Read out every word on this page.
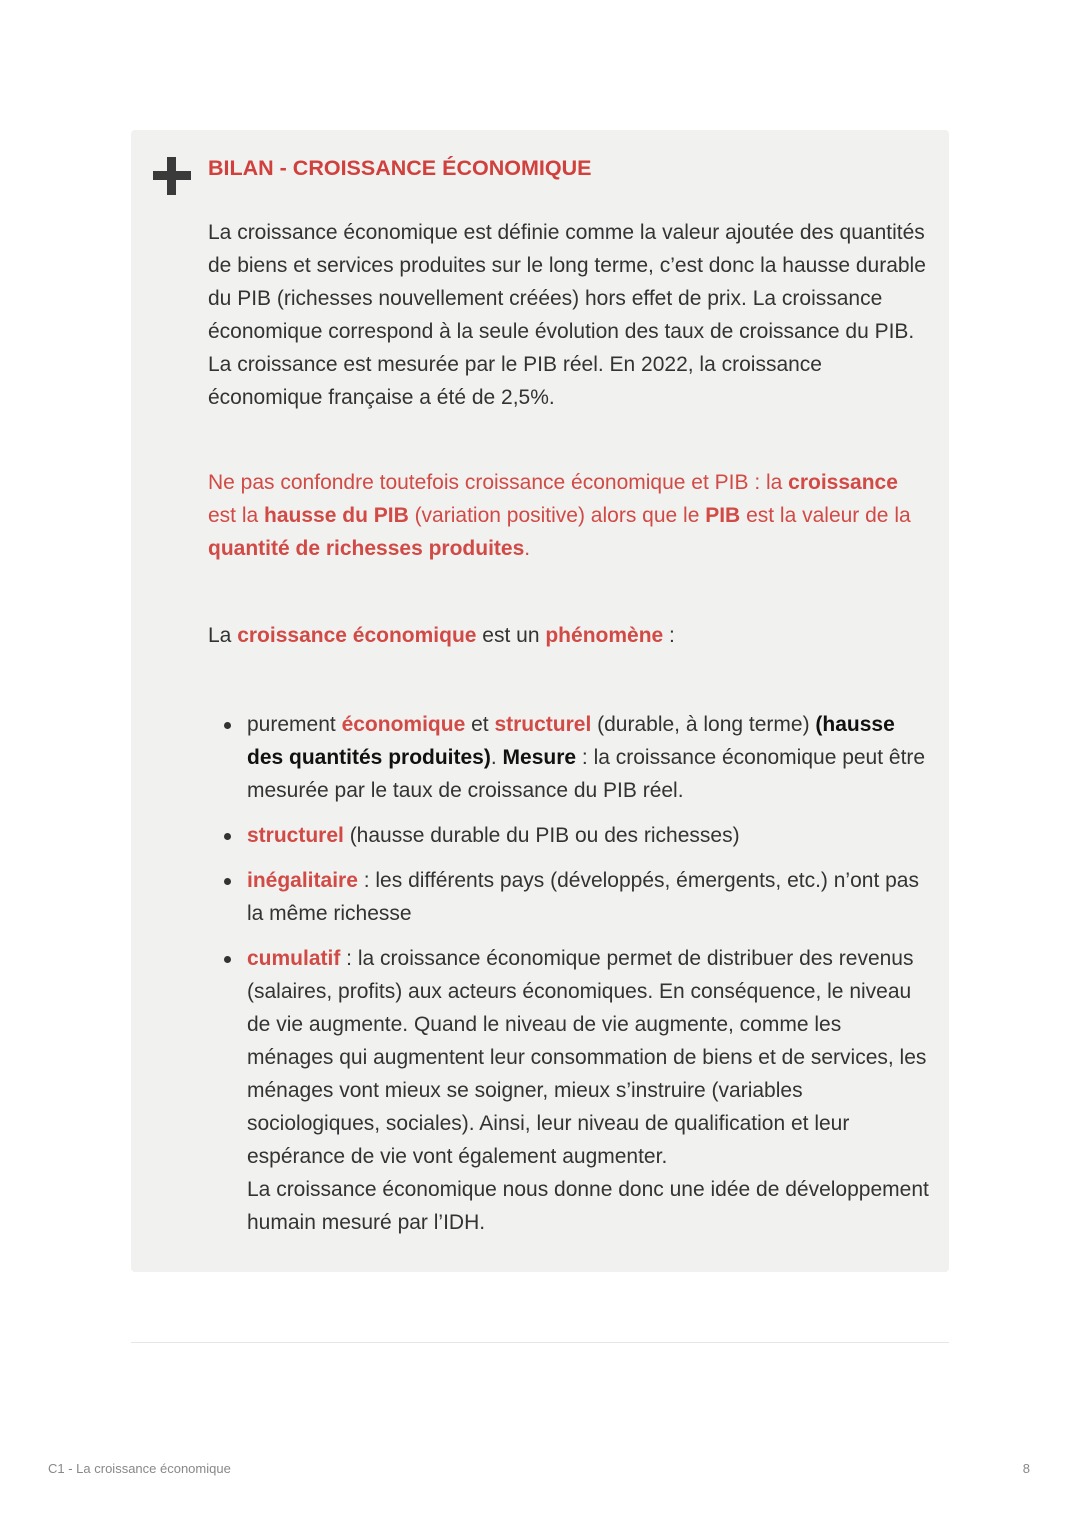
BILAN - CROISSANCE ÉCONOMIQUE

La croissance économique est définie comme la valeur ajoutée des quantités de biens et services produites sur le long terme, c’est donc la hausse durable du PIB (richesses nouvellement créées) hors effet de prix. La croissance économique correspond à la seule évolution des taux de croissance du PIB. La croissance est mesurée par le PIB réel. En 2022, la croissance économique française a été de 2,5%.

Ne pas confondre toutefois croissance économique et PIB : la croissance est la hausse du PIB (variation positive) alors que le PIB est la valeur de la quantité de richesses produites.

La croissance économique est un phénomène :

purement économique et structurel (durable, à long terme) (hausse des quantités produites). Mesure : la croissance économique peut être mesurée par le taux de croissance du PIB réel.
structurel (hausse durable du PIB ou des richesses)
inégalitaire : les différents pays (développés, émergents, etc.) n’ont pas la même richesse
cumulatif : la croissance économique permet de distribuer des revenus (salaires, profits) aux acteurs économiques. En conséquence, le niveau de vie augmente. Quand le niveau de vie augmente, comme les ménages qui augmentent leur consommation de biens et de services, les ménages vont mieux se soigner, mieux s’instruire (variables sociologiques, sociales). Ainsi, leur niveau de qualification et leur espérance de vie vont également augmenter.
La croissance économique nous donne donc une idée de développement humain mesuré par l’IDH.
C1 - La croissance économique	8
